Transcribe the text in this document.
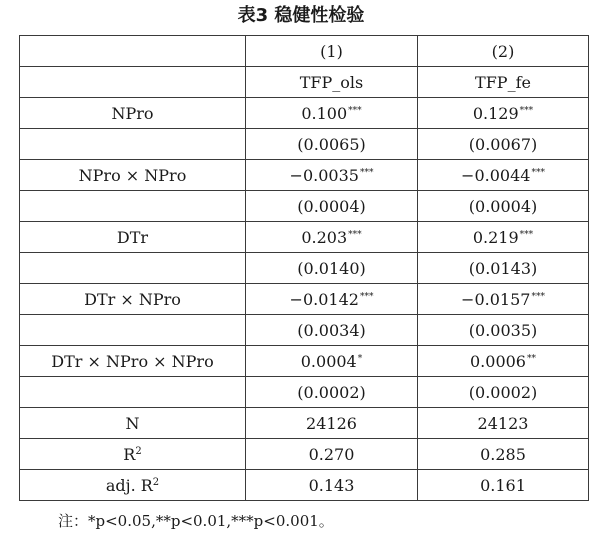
表3 稳健性检验
	(1)	(2)
	TFP_ols	TFP_fe
NPro	0.100***	0.129***
	(0.0065)	(0.0067)
NPro × NPro	−0.0035***	−0.0044***
	(0.0004)	(0.0004)
DTr	0.203***	0.219***
	(0.0140)	(0.0143)
DTr × NPro	−0.0142***	−0.0157***
	(0.0034)	(0.0035)
DTr × NPro × NPro	0.0004*	0.0006**
	(0.0002)	(0.0002)
N	24126	24123
$R^2$	0.270	0.285
adj. $R^2$	0.143	0.161
注：*p<0.05,**p<0.01,***p<0.001。
